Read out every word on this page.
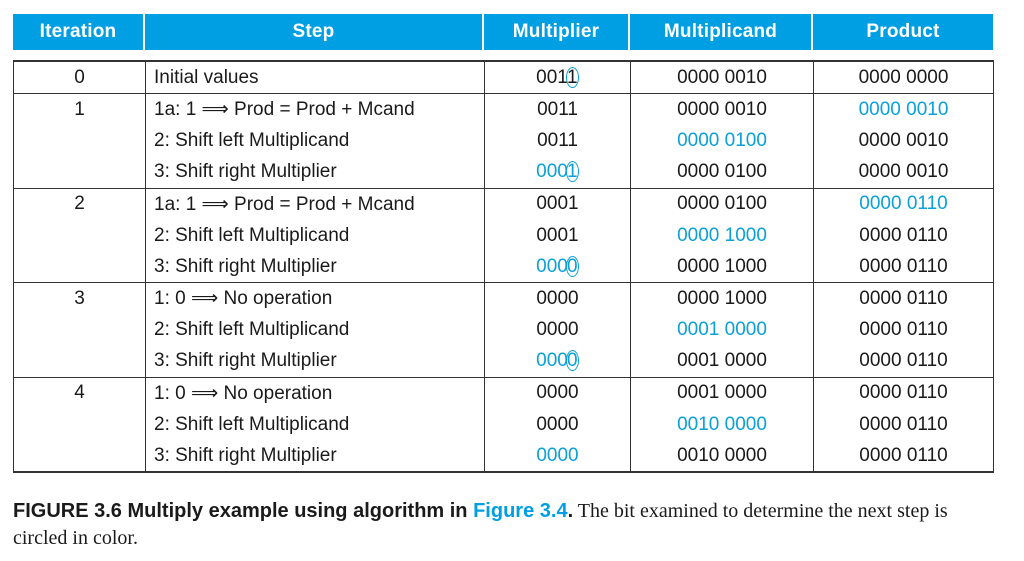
Iteration	Step	Multiplier	Multiplicand	Product
0	Initial values	0011	0000 0010	0000 0000
1	1a: 1 ⟹ Prod = Prod + Mcand	0011	0000 0010	0000 0010
	2: Shift left Multiplicand	0011	0000 0100	0000 0010
	3: Shift right Multiplier	0001	0000 0100	0000 0010
2	1a: 1 ⟹ Prod = Prod + Mcand	0001	0000 0100	0000 0110
	2: Shift left Multiplicand	0001	0000 1000	0000 0110
	3: Shift right Multiplier	0000	0000 1000	0000 0110
3	1: 0 ⟹ No operation	0000	0000 1000	0000 0110
	2: Shift left Multiplicand	0000	0001 0000	0000 0110
	3: Shift right Multiplier	0000	0001 0000	0000 0110
4	1: 0 ⟹ No operation	0000	0001 0000	0000 0110
	2: Shift left Multiplicand	0000	0010 0000	0000 0110
	3: Shift right Multiplier	0000	0010 0000	0000 0110
FIGURE 3.6 Multiply example using algorithm in Figure 3.4. The bit examined to determine the next step is circled in color.
